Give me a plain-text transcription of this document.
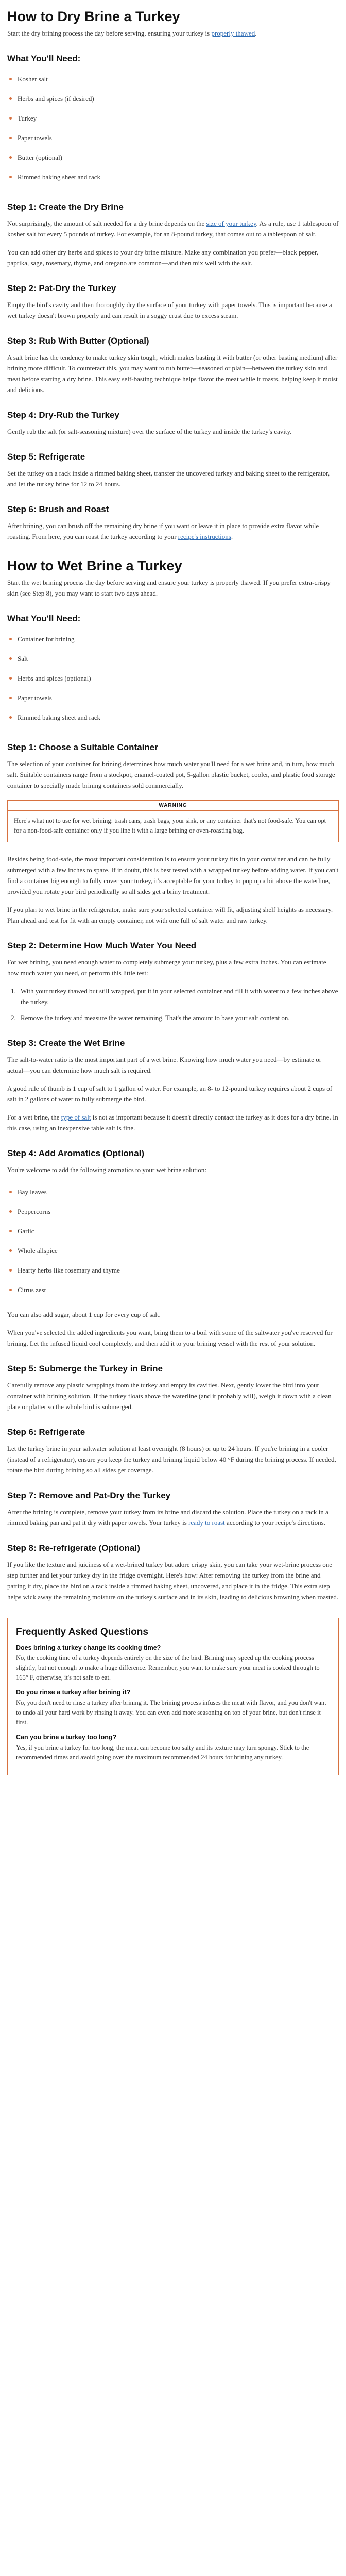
How to Dry Brine a Turkey

Start the dry brining process the day before serving, ensuring your turkey is properly thawed.

What You'll Need:
Kosher salt
Herbs and spices (if desired)
Turkey
Paper towels
Butter (optional)
Rimmed baking sheet and rack
Step 1: Create the Dry Brine

Not surprisingly, the amount of salt needed for a dry brine depends on the size of your turkey. As a rule, use 1 tablespoon of kosher salt for every 5 pounds of turkey. For example, for an 8-pound turkey, that comes out to a tablespoon of salt.

You can add other dry herbs and spices to your dry brine mixture. Make any combination you prefer—black pepper, paprika, sage, rosemary, thyme, and oregano are common—and then mix well with the salt.

Step 2: Pat-Dry the Turkey

Empty the bird's cavity and then thoroughly dry the surface of your turkey with paper towels. This is important because a wet turkey doesn't brown properly and can result in a soggy crust due to excess steam.

Step 3: Rub With Butter (Optional)

A salt brine has the tendency to make turkey skin tough, which makes basting it with butter (or other basting medium) after brining more difficult. To counteract this, you may want to rub butter—seasoned or plain—between the turkey skin and meat before starting a dry brine. This easy self-basting technique helps flavor the meat while it roasts, helping keep it moist and delicious.

Step 4: Dry-Rub the Turkey

Gently rub the salt (or salt-seasoning mixture) over the surface of the turkey and inside the turkey's cavity.

Step 5: Refrigerate

Set the turkey on a rack inside a rimmed baking sheet, transfer the uncovered turkey and baking sheet to the refrigerator, and let the turkey brine for 12 to 24 hours.

Step 6: Brush and Roast

After brining, you can brush off the remaining dry brine if you want or leave it in place to provide extra flavor while roasting. From here, you can roast the turkey according to your recipe's instructions.

How to Wet Brine a Turkey

Start the wet brining process the day before serving and ensure your turkey is properly thawed. If you prefer extra-crispy skin (see Step 8), you may want to start two days ahead.

What You'll Need:
Container for brining
Salt
Herbs and spices (optional)
Paper towels
Rimmed baking sheet and rack
Step 1: Choose a Suitable Container

The selection of your container for brining determines how much water you'll need for a wet brine and, in turn, how much salt. Suitable containers range from a stockpot, enamel-coated pot, 5-gallon plastic bucket, cooler, and plastic food storage container to specially made brining containers sold commercially.

WARNING

Here's what not to use for wet brining: trash cans, trash bags, your sink, or any container that's not food-safe. You can opt for a non-food-safe container only if you line it with a large brining or oven-roasting bag.

Besides being food-safe, the most important consideration is to ensure your turkey fits in your container and can be fully submerged with a few inches to spare. If in doubt, this is best tested with a wrapped turkey before adding water. If you can't find a container big enough to fully cover your turkey, it's acceptable for your turkey to pop up a bit above the waterline, provided you rotate your bird periodically so all sides get a briny treatment.

If you plan to wet brine in the refrigerator, make sure your selected container will fit, adjusting shelf heights as necessary. Plan ahead and test for fit with an empty container, not with one full of salt water and raw turkey.

Step 2: Determine How Much Water You Need

For wet brining, you need enough water to completely submerge your turkey, plus a few extra inches. You can estimate how much water you need, or perform this little test:

1. With your turkey thawed but still wrapped, put it in your selected container and fill it with water to a few inches above the turkey.
2. Remove the turkey and measure the water remaining. That's the amount to base your salt content on.
Step 3: Create the Wet Brine

The salt-to-water ratio is the most important part of a wet brine. Knowing how much water you need—by estimate or actual—you can determine how much salt is required.

A good rule of thumb is 1 cup of salt to 1 gallon of water. For example, an 8- to 12-pound turkey requires about 2 cups of salt in 2 gallons of water to fully submerge the bird.

For a wet brine, the type of salt is not as important because it doesn't directly contact the turkey as it does for a dry brine. In this case, using an inexpensive table salt is fine.

Step 4: Add Aromatics (Optional)

You're welcome to add the following aromatics to your wet brine solution:

Bay leaves
Peppercorns
Garlic
Whole allspice
Hearty herbs like rosemary and thyme
Citrus zest

You can also add sugar, about 1 cup for every cup of salt.

When you've selected the added ingredients you want, bring them to a boil with some of the saltwater you've reserved for brining. Let the infused liquid cool completely, and then add it to your brining vessel with the rest of your solution.

Step 5: Submerge the Turkey in Brine

Carefully remove any plastic wrappings from the turkey and empty its cavities. Next, gently lower the bird into your container with brining solution. If the turkey floats above the waterline (and it probably will), weigh it down with a clean plate or platter so the whole bird is submerged.

Step 6: Refrigerate

Let the turkey brine in your saltwater solution at least overnight (8 hours) or up to 24 hours. If you're brining in a cooler (instead of a refrigerator), ensure you keep the turkey and brining liquid below 40 °F during the brining process. If needed, rotate the bird during brining so all sides get coverage.

Step 7: Remove and Pat-Dry the Turkey

After the brining is complete, remove your turkey from its brine and discard the solution. Place the turkey on a rack in a rimmed baking pan and pat it dry with paper towels. Your turkey is ready to roast according to your recipe's directions.

Step 8: Re-refrigerate (Optional)

If you like the texture and juiciness of a wet-brined turkey but adore crispy skin, you can take your wet-brine process one step further and let your turkey dry in the fridge overnight. Here's how: After removing the turkey from the brine and patting it dry, place the bird on a rack inside a rimmed baking sheet, uncovered, and place it in the fridge. This extra step helps wick away the remaining moisture on the turkey's surface and in its skin, leading to delicious browning when roasted.

Frequently Asked Questions
Does brining a turkey change its cooking time?

No, the cooking time of a turkey depends entirely on the size of the bird. Brining may speed up the cooking process slightly, but not enough to make a huge difference. Remember, you want to make sure your meat is cooked through to 165° F, otherwise, it's not safe to eat.

Do you rinse a turkey after brining it?

No, you don't need to rinse a turkey after brining it. The brining process infuses the meat with flavor, and you don't want to undo all your hard work by rinsing it away. You can even add more seasoning on top of your brine, but don't rinse it first.

Can you brine a turkey too long?

Yes, if you brine a turkey for too long, the meat can become too salty and its texture may turn spongy. Stick to the recommended times and avoid going over the maximum recommended 24 hours for brining any turkey.
